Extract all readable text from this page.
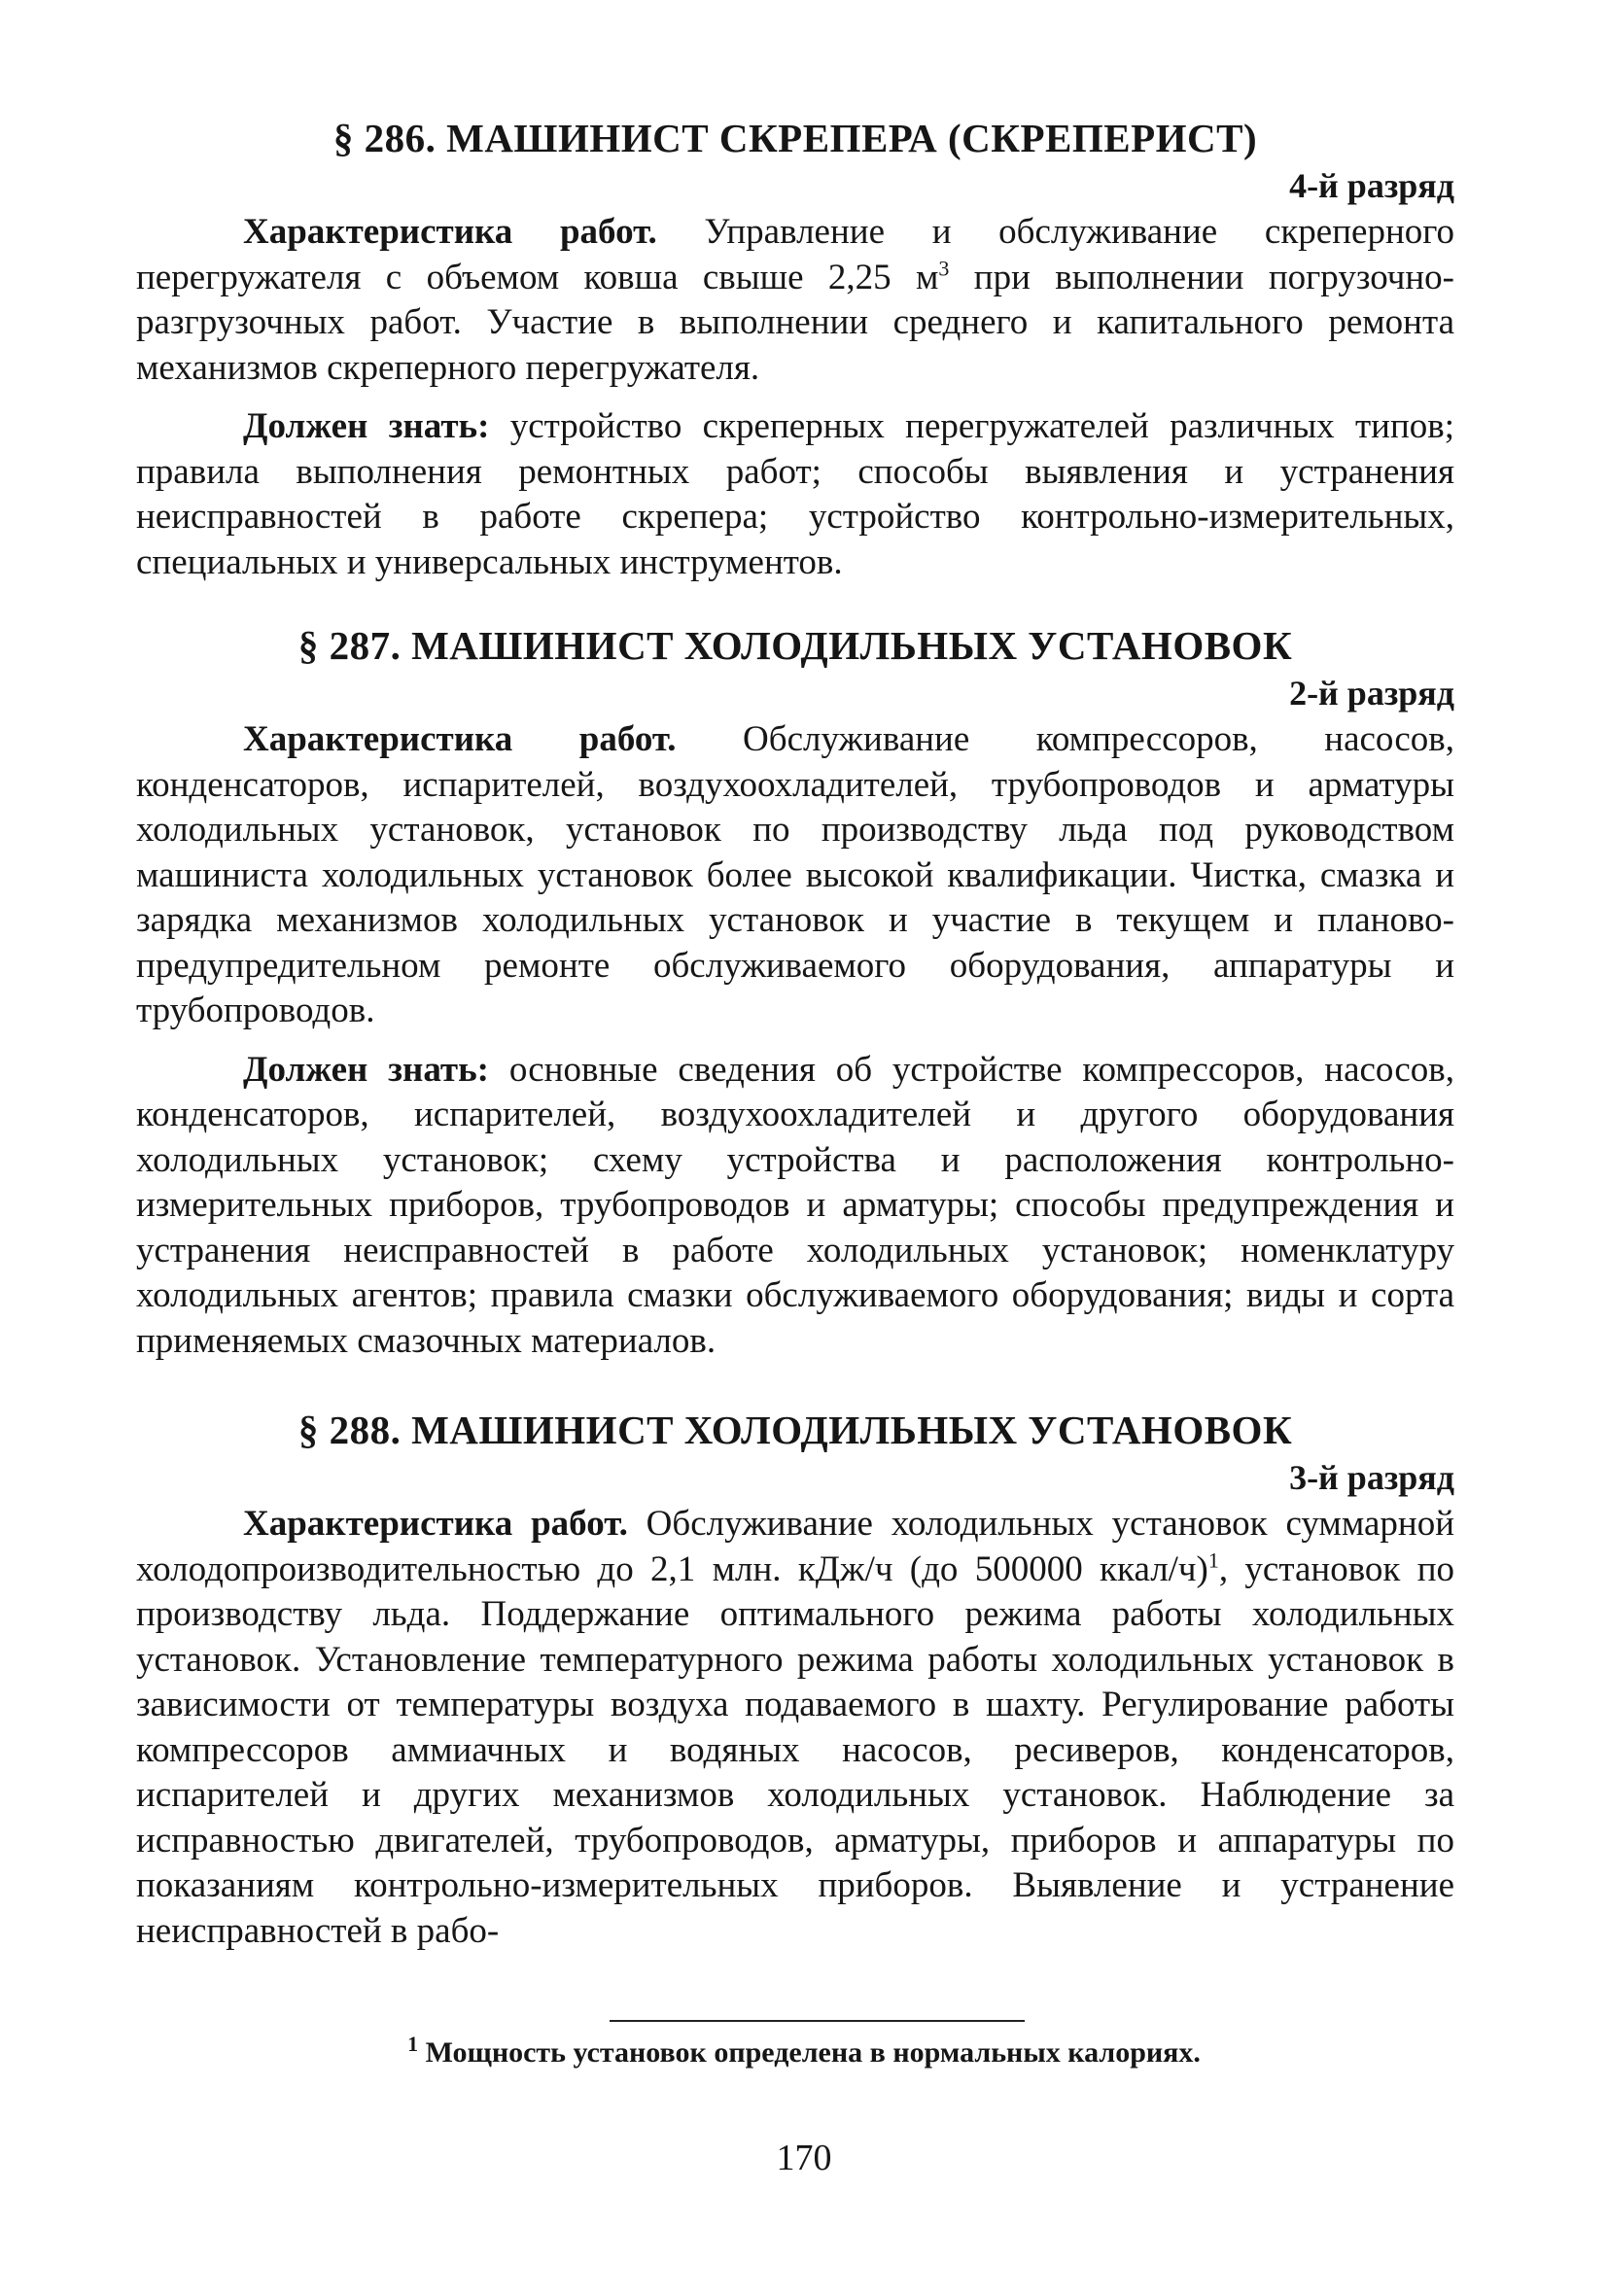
§ 286. МАШИНИСТ СКРЕПЕРА (СКРЕПЕРИСТ)
4-й разряд

Характеристика работ. Управление и обслуживание скреперного перегружателя с объемом ковша свыше 2,25 $м^3$ при выполнении погрузочно-разгрузочных работ. Участие в выполнении среднего и капитального ремонта механизмов скреперного перегружателя.

Должен знать: устройство скреперных перегружателей различных типов; правила выполнения ремонтных работ; способы выявления и устранения неисправностей в работе скрепера; устройство контрольно-измерительных, специальных и универсальных инструментов.

§ 287. МАШИНИСТ ХОЛОДИЛЬНЫХ УСТАНОВОК
2-й разряд

Характеристика работ. Обслуживание компрессоров, насосов, конденсаторов, испарителей, воздухоохладителей, трубопроводов и арматуры холодильных установок, установок по производству льда под руководством машиниста холодильных установок более высокой квалификации. Чистка, смазка и зарядка механизмов холодильных установок и участие в текущем и планово-предупредительном ремонте обслуживаемого оборудования, аппаратуры и трубопроводов.

Должен знать: основные сведения об устройстве компрессоров, насосов, конденсаторов, испарителей, воздухоохладителей и другого оборудования холодильных установок; схему устройства и расположения контрольно-измерительных приборов, трубопроводов и арматуры; способы предупреждения и устранения неисправностей в работе холодильных установок; номенклатуру холодильных агентов; правила смазки обслуживаемого оборудования; виды и сорта применяемых смазочных материалов.

§ 288. МАШИНИСТ ХОЛОДИЛЬНЫХ УСТАНОВОК
3-й разряд

Характеристика работ. Обслуживание холодильных установок суммарной холодопроизводительностью до 2,1 млн. кДж/ч (до 500000 ккал/ч)$^1$, установок по производству льда. Поддержание оптимального режима работы холодильных установок. Установление температурного режима работы холодильных установок в зависимости от температуры воздуха подаваемого в шахту. Регулирование работы компрессоров аммиачных и водяных насосов, ресиверов, конденсаторов, испарителей и других механизмов холодильных установок. Наблюдение за исправностью двигателей, трубопроводов, арматуры, приборов и аппаратуры по показаниям контрольно-измерительных приборов. Выявление и устранение неисправностей в рабо-

$^1$ Мощность установок определена в нормальных калориях.
170
